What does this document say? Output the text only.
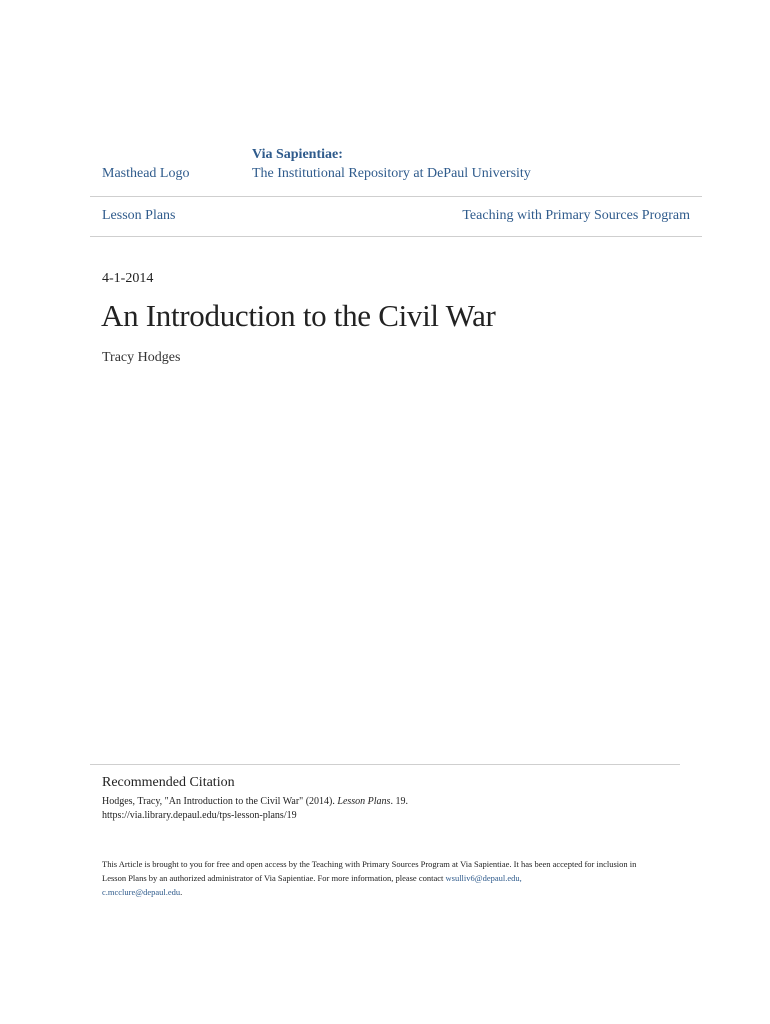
Masthead Logo
Via Sapientiae:
The Institutional Repository at DePaul University
Lesson Plans	Teaching with Primary Sources Program
4-1-2014
An Introduction to the Civil War
Tracy Hodges
Recommended Citation
Hodges, Tracy, "An Introduction to the Civil War" (2014). Lesson Plans. 19.
https://via.library.depaul.edu/tps-lesson-plans/19
This Article is brought to you for free and open access by the Teaching with Primary Sources Program at Via Sapientiae. It has been accepted for inclusion in Lesson Plans by an authorized administrator of Via Sapientiae. For more information, please contact wsulliv6@depaul.edu,
c.mcclure@depaul.edu.
